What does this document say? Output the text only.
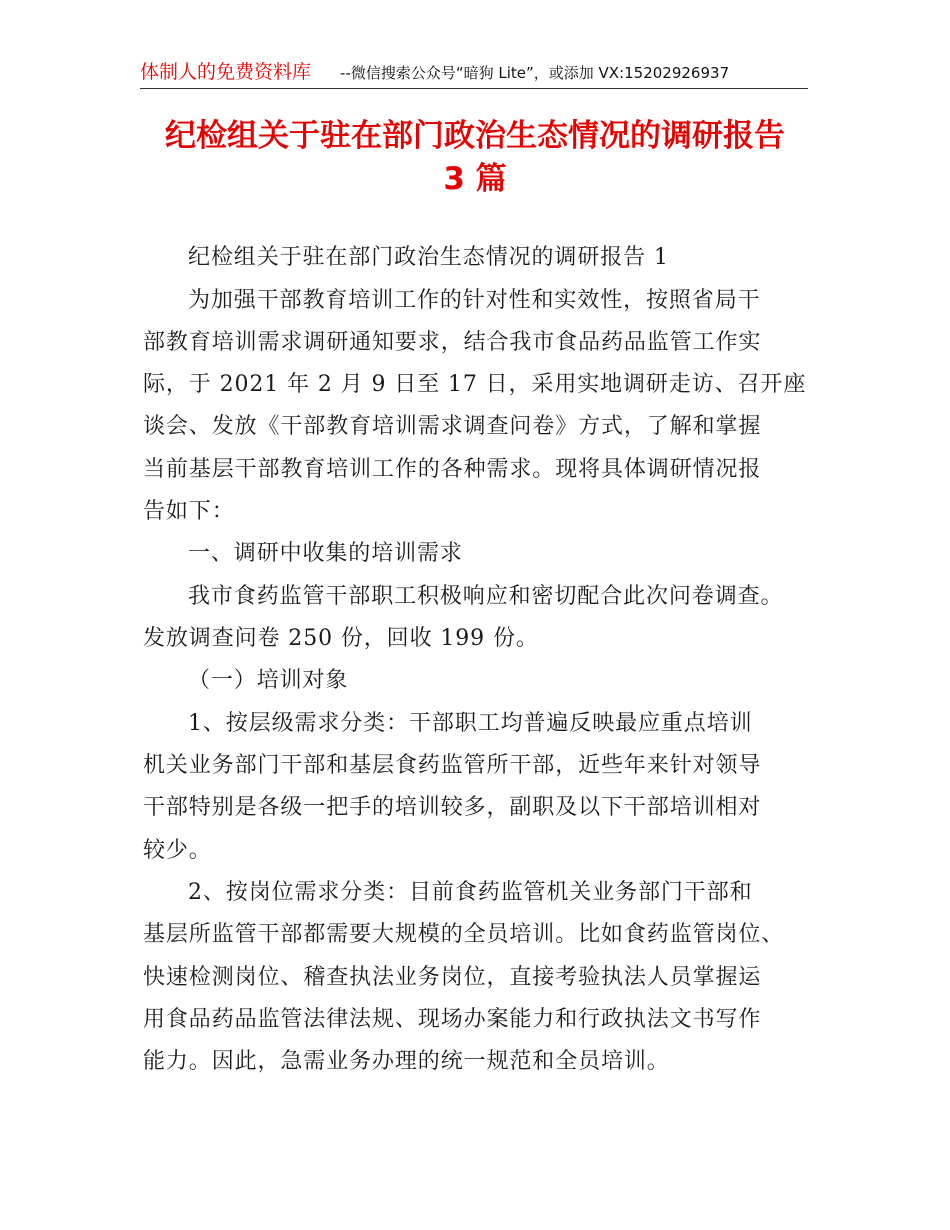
体制人的免费资料库 --微信搜索公众号“暗狗 Lite”，或添加 VX:15202926937
纪检组关于驻在部门政治生态情况的调研报告
3 篇
纪检组关于驻在部门政治生态情况的调研报告 1
为加强干部教育培训工作的针对性和实效性，按照省局干
部教育培训需求调研通知要求，结合我市食品药品监管工作实
际，于 2021 年 2 月 9 日至 17 日，采用实地调研走访、召开座
谈会、发放《干部教育培训需求调查问卷》方式，了解和掌握
当前基层干部教育培训工作的各种需求。现将具体调研情况报
告如下：
一、调研中收集的培训需求
我市食药监管干部职工积极响应和密切配合此次问卷调查。
发放调查问卷 250 份，回收 199 份。
（一）培训对象
1、按层级需求分类：干部职工均普遍反映最应重点培训
机关业务部门干部和基层食药监管所干部，近些年来针对领导
干部特别是各级一把手的培训较多，副职及以下干部培训相对
较少。
2、按岗位需求分类：目前食药监管机关业务部门干部和
基层所监管干部都需要大规模的全员培训。比如食药监管岗位、
快速检测岗位、稽查执法业务岗位，直接考验执法人员掌握运
用食品药品监管法律法规、现场办案能力和行政执法文书写作
能力。因此，急需业务办理的统一规范和全员培训。
